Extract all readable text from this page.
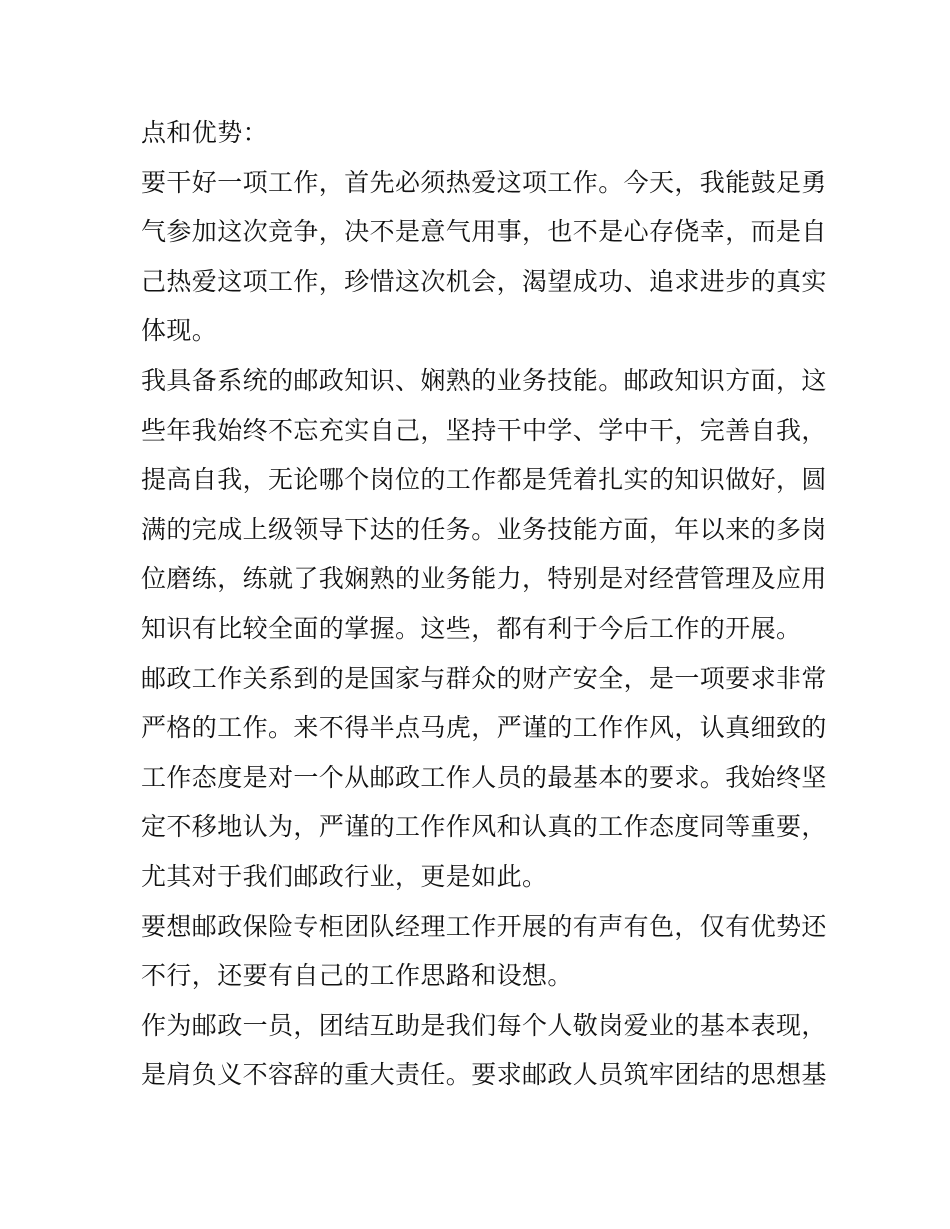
点和优势：
要干好一项工作，首先必须热爱这项工作。今天，我能鼓足勇
气参加这次竞争，决不是意气用事，也不是心存侥幸，而是自
己热爱这项工作，珍惜这次机会，渴望成功、追求进步的真实
体现。
我具备系统的邮政知识、娴熟的业务技能。邮政知识方面，这
些年我始终不忘充实自己，坚持干中学、学中干，完善自我，
提高自我，无论哪个岗位的工作都是凭着扎实的知识做好，圆
满的完成上级领导下达的任务。业务技能方面，年以来的多岗
位磨练，练就了我娴熟的业务能力，特别是对经营管理及应用
知识有比较全面的掌握。这些，都有利于今后工作的开展。
邮政工作关系到的是国家与群众的财产安全，是一项要求非常
严格的工作。来不得半点马虎，严谨的工作作风，认真细致的
工作态度是对一个从邮政工作人员的最基本的要求。我始终坚
定不移地认为，严谨的工作作风和认真的工作态度同等重要，
尤其对于我们邮政行业，更是如此。
要想邮政保险专柜团队经理工作开展的有声有色，仅有优势还
不行，还要有自己的工作思路和设想。
作为邮政一员，团结互助是我们每个人敬岗爱业的基本表现，
是肩负义不容辞的重大责任。要求邮政人员筑牢团结的思想基
